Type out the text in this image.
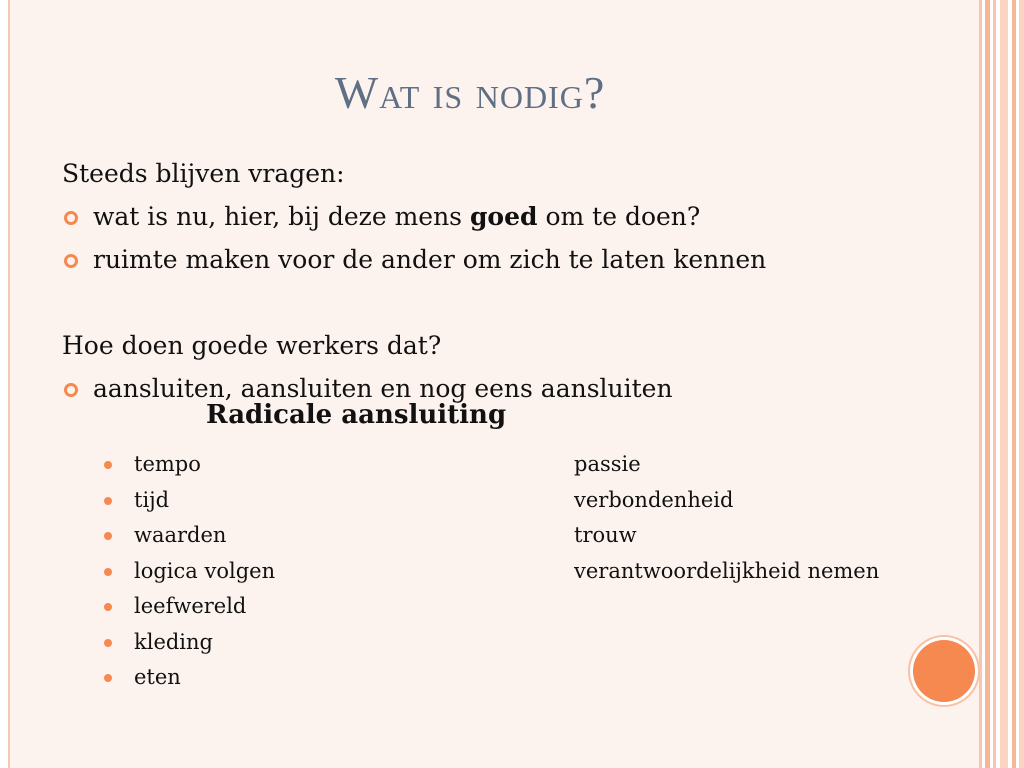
Wat is nodig?

Steeds blijven vragen:

wat is nu, hier, bij deze mens goed om te doen?

ruimte maken voor de ander om zich te laten kennen

Hoe doen goede werkers dat?

aansluiten, aansluiten en nog eens aansluiten

Radicale aansluiting
tempo
tijd
waarden
logica volgen
leefwereld
kleding
eten
passie
verbondenheid
trouw
verantwoordelijkheid nemen
